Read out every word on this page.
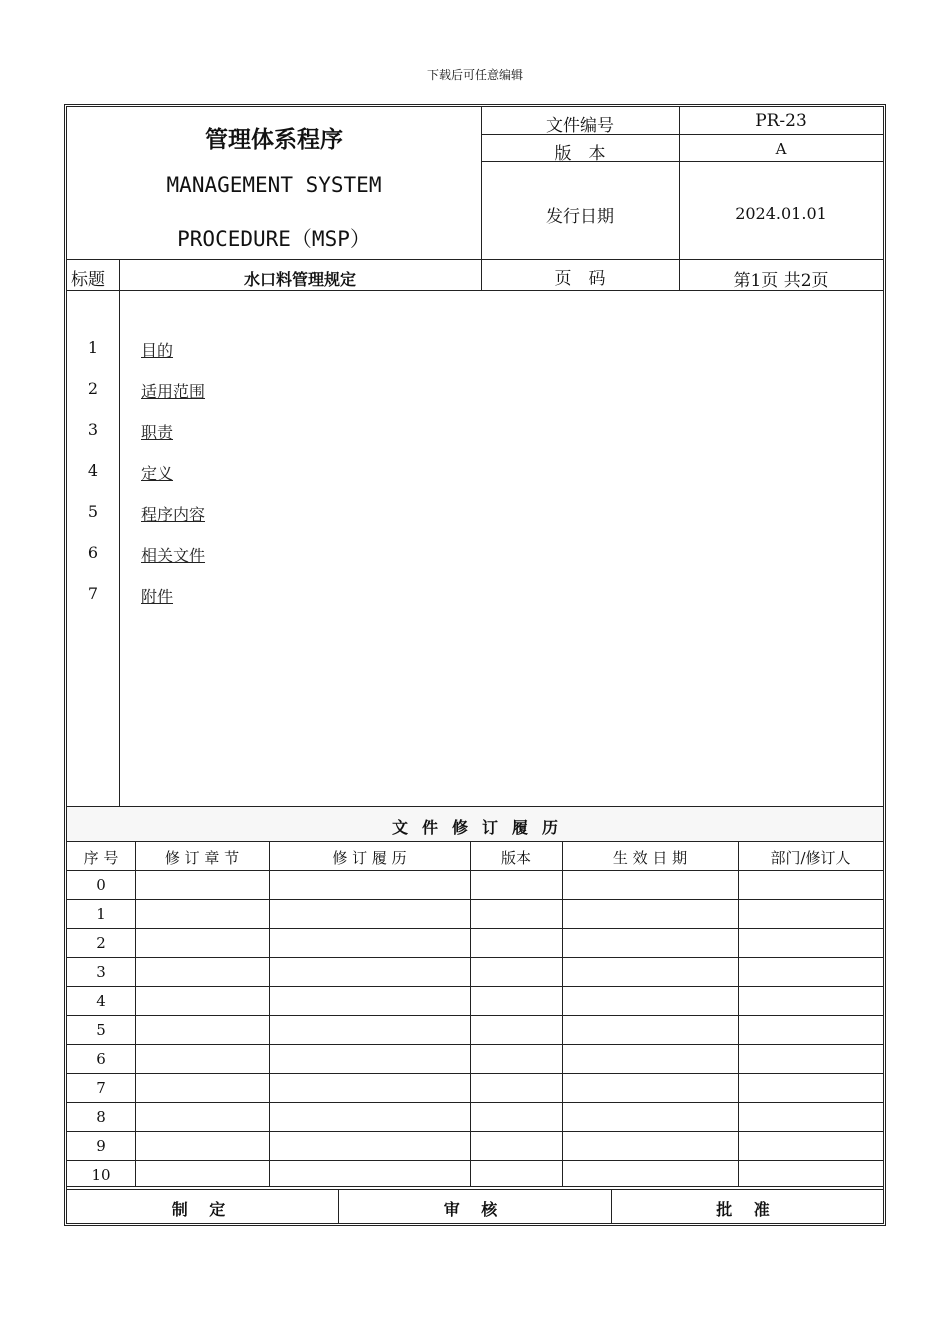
下载后可任意编辑
管理体系程序
MANAGEMENT SYSTEM
PROCEDURE（MSP）
文件编号	PR-23
版　本	A
发行日期	2024.01.01
标题	水口料管理规定	页　码	第1页 共2页
1	目的
2	适用范围
3	职责
4	定义
5	程序内容
6	相关文件
7	附件
文件修订履历
序 号	修 订 章 节	修 订 履 历	版本	生 效 日 期	部门/修订人
0
1
2
3
4
5
6
7
8
9
10
制 定	审 核	批 准
